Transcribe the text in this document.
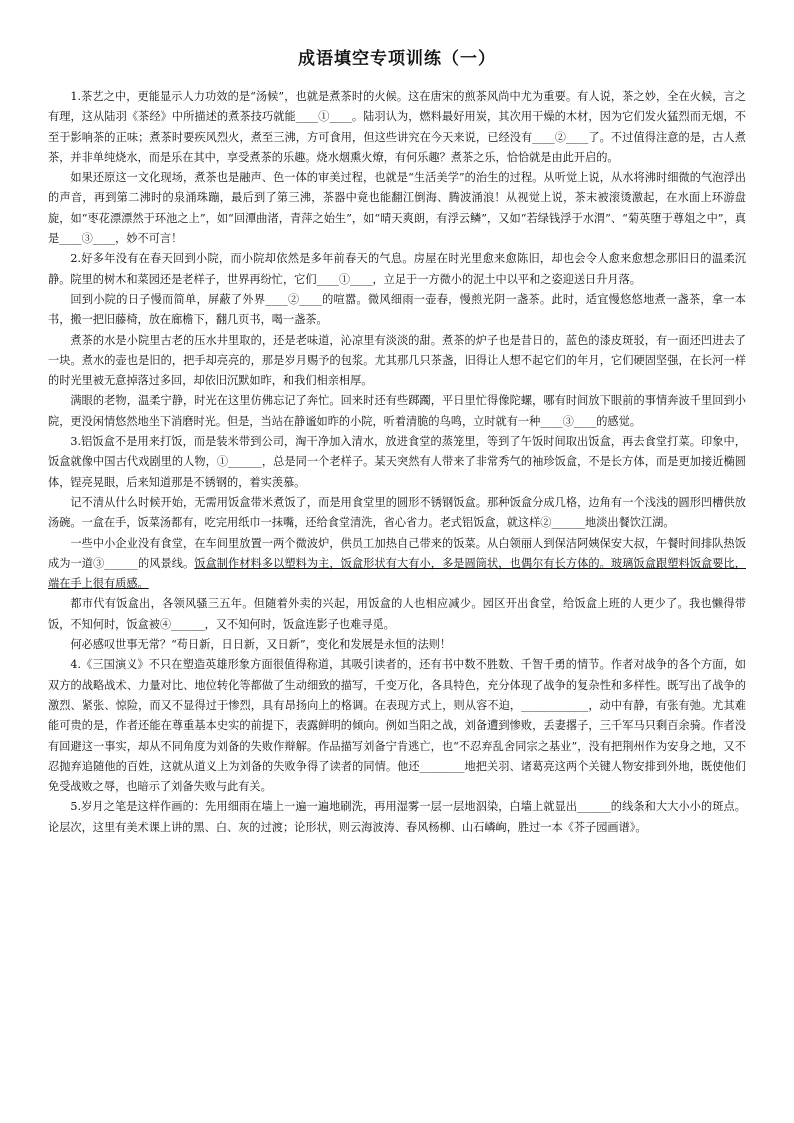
成语填空专项训练（一）

1.茶艺之中，更能显示人力功效的是“汤候”，也就是煮茶时的火候。这在唐宋的煎茶风尚中尤为重要。有人说，茶之妙，全在火候，言之有理，这从陆羽《茶经》中所描述的煮茶技巧就能____①____。陆羽认为，燃料最好用炭，其次用干燥的木材，因为它们发火猛烈而无烟，不至于影响茶的正味；煮茶时要疾风烈火，煮至三沸，方可食用，但这些讲究在今天来说，已经没有____②____了。不过值得注意的是，古人煮茶，并非单纯烧水，而是乐在其中，享受煮茶的乐趣。烧水烟熏火燎，有何乐趣？煮茶之乐，恰恰就是由此开启的。

如果还原这一文化现场，煮茶也是融声、色一体的审美过程，也就是“生活美学”的治生的过程。从听觉上说，从水将沸时细微的气泡浮出的声音，再到第二沸时的泉涌珠蹦，最后到了第三沸，茶器中竟也能翻江倒海、腾波涌浪！从视觉上说，茶末被滚烫激起，在水面上环游盘旋，如“枣花漂漂然于环池之上”，如“回潭曲渚，青萍之始生”，如“晴天爽朗，有浮云鳞”，又如“若绿钱浮于水渭”、“菊英堕于尊俎之中”，真是____③____，妙不可言！

2.好多年没有在春天回到小院，而小院却依然是多年前春天的气息。房屋在时光里愈来愈陈旧，却也会令人愈来愈想念那旧日的温柔沉静。院里的树木和菜园还是老样子，世界再纷忙，它们____①____，立足于一方微小的泥土中以平和之姿迎送日升月落。

回到小院的日子慢而简单，屏蔽了外界____②____的喧嚣。微风细雨一壶春，慢煎光阴一盏茶。此时，适宜慢悠悠地煮一盏茶，拿一本书，搬一把旧藤椅，放在廊檐下，翻几页书，喝一盏茶。

煮茶的水是小院里古老的压水井里取的，还是老味道，沁凉里有淡淡的甜。煮茶的炉子也是昔日的，蓝色的漆皮斑驳，有一面还凹进去了一块。煮水的壶也是旧的，把手却亮亮的，那是岁月赐予的包浆。尤其那几只茶盏，旧得让人想不起它们的年月，它们硬固坚强，在长河一样的时光里被无意掉落过多回，却依旧沉默如昨，和我们相亲相厚。

满眼的老物，温柔宁静，时光在这里仿佛忘记了奔忙。回来时还有些踯躅，平日里忙得像陀螺，哪有时间放下眼前的事情奔波千里回到小院，更没闲情悠然地坐下消磨时光。但是，当站在静谧如昨的小院，听着清脆的鸟鸣，立时就有一种____③____的感觉。

3.铝饭盒不是用来打饭，而是装米带到公司，淘干净加入清水，放进食堂的蒸笼里，等到了午饭时间取出饭盒，再去食堂打菜。印象中，饭盒就像中国古代戏剧里的人物，①______，总是同一个老样子。某天突然有人带来了非常秀气的袖珍饭盒，不是长方体，而是更加接近椭圆体，锃亮晃眼，后来知道那是不锈钢的，着实羡慕。

记不清从什么时候开始，无需用饭盒带米煮饭了，而是用食堂里的圆形不锈钢饭盒。那种饭盒分成几格，边角有一个浅浅的圆形凹槽供放汤碗。一盒在手，饭菜汤都有，吃完用纸巾一抹嘴，还给食堂清洗，省心省力。老式铝饭盒，就这样②______地淡出餐饮江湖。

一些中小企业没有食堂，在车间里放置一两个微波炉，供员工加热自己带来的饭菜。从白领丽人到保洁阿姨保安大叔，午餐时间排队热饭成为一道③______的风景线。饭盒制作材料多以塑料为主，饭盒形状有大有小，多是圆筒状，也偶尔有长方体的。玻璃饭盒跟塑料饭盒要比，端在手上很有质感。

都市代有饭盒出，各领风骚三五年。但随着外卖的兴起，用饭盒的人也相应减少。园区开出食堂，给饭盒上班的人更少了。我也懒得带饭，不知何时，饭盒被④______，又不知何时，饭盒连影子也难寻觅。

何必感叹世事无常？“苟日新，日日新，又日新”，变化和发展是永恒的法则！

4.《三国演义》不只在塑造英雄形象方面很值得称道，其吸引读者的，还有书中数不胜数、千智千勇的情节。作者对战争的各个方面，如双方的战略战术、力量对比、地位转化等都做了生动细致的描写，千变万化，各具特色，充分体现了战争的复杂性和多样性。既写出了战争的激烈、紧张、惊险，而又不显得过于惨烈，具有昂扬向上的格调。在表现方式上，则从容不迫，____________，动中有静，有张有弛。尤其难能可贵的是，作者还能在尊重基本史实的前提下，表露鲜明的倾向。例如当阳之战，刘备遭到惨败，丢妻撂子，三千军马只剩百余骑。作者没有回避这一事实，却从不同角度为刘备的失败作辩解。作品描写刘备宁肯逃亡，也“不忍弃乱舍同宗之基业”，没有把荆州作为安身之地，又不忍抛弃追随他的百姓，这就从道义上为刘备的失败争得了读者的同情。他还________地把关羽、诸葛亮这两个关键人物安排到外地，既使他们免受战败之辱，也暗示了刘备失败与此有关。

5.岁月之笔是这样作画的：先用细雨在墙上一遍一遍地刷洗，再用湿雾一层一层地泅染，白墙上就显出______的线条和大大小小的斑点。论层次，这里有美术课上讲的黑、白、灰的过渡；论形状，则云海波涛、春风杨柳、山石嶙峋，胜过一本《芥子园画谱》。
